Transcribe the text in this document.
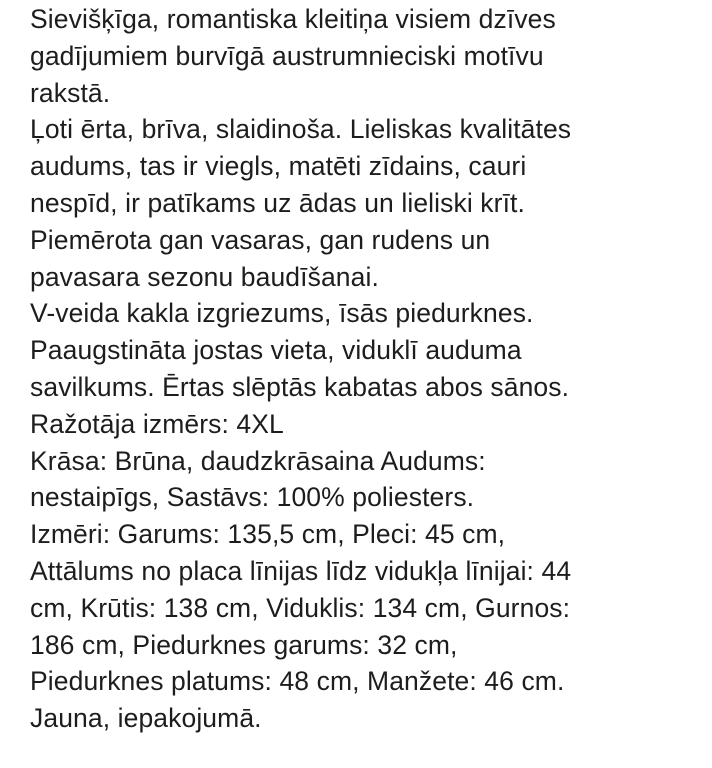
Sievišķīga, romantiska kleitiņa visiem dzīves
gadījumiem burvīgā austrumnieciski motīvu
rakstā.
Ļoti ērta, brīva, slaidinoša. Lieliskas kvalitātes
audums, tas ir viegls, matēti zīdains, cauri
nespīd, ir patīkams uz ādas un lieliski krīt.
Piemērota gan vasaras, gan rudens un
pavasara sezonu baudīšanai.
V-veida kakla izgriezums, īsās piedurknes.
Paaugstināta jostas vieta, viduklī auduma
savilkums. Ērtas slēptās kabatas abos sānos.
Ražotāja izmērs: 4XL
Krāsa: Brūna, daudzkrāsaina Audums:
nestaipīgs, Sastāvs: 100% poliesters.
Izmēri: Garums: 135,5 cm, Pleci: 45 cm,
Attālums no placa līnijas līdz vidukļa līnijai: 44
cm, Krūtis: 138 cm, Viduklis: 134 cm, Gurnos:
186 cm, Piedurknes garums: 32 cm,
Piedurknes platums: 48 cm, Manžete: 46 cm.
Jauna, iepakojumā.
